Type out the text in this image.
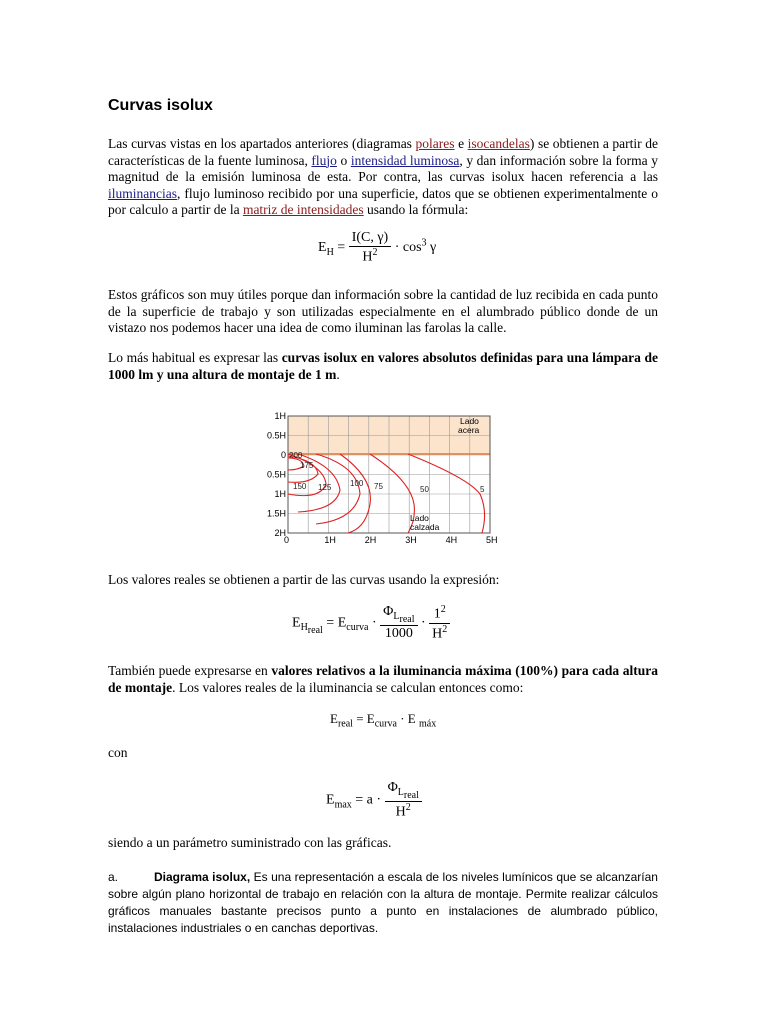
Curvas isolux

Las curvas vistas en los apartados anteriores (diagramas polares e isocandelas) se obtienen a partir de características de la fuente luminosa, flujo o intensidad luminosa, y dan información sobre la forma y magnitud de la emisión luminosa de esta. Por contra, las curvas isolux hacen referencia a las iluminancias, flujo luminoso recibido por una superficie, datos que se obtienen experimentalmente o por calculo a partir de la matriz de intensidades usando la fórmula:

$E_H = \frac{I(C, \gamma)}{H^2} \cdot \cos^3 \gamma$

Estos gráficos son muy útiles porque dan información sobre la cantidad de luz recibida en cada punto de la superficie de trabajo y son utilizadas especialmente en el alumbrado público donde de un vistazo nos podemos hacer una idea de como iluminan las farolas la calle.

Lo más habitual es expresar las curvas isolux en valores absolutos definidas para una lámpara de 1000 lm y una altura de montaje de 1 m.

0	1H	2H	3H	4H	5H
1H
0.5H
0
0.5H
1H
1.5H
2H
200
175
150 125 100 75	50	5
Lado
acera
Lado
calzada

Los valores reales se obtienen a partir de las curvas usando la expresión:

$E_{H_{real}} = E_{curva} \cdot \frac{\Phi_{L_{real}}}{1000} \cdot \frac{1^2}{H^2}$

También puede expresarse en valores relativos a la iluminancia máxima (100%) para cada altura de montaje. Los valores reales de la iluminancia se calculan entonces como:

$E_{real} = E_{curva} \cdot E$ $_{máx}$

con

$E_{max} = a \cdot \frac{\Phi_{L_{real}}}{H^2}$

siendo a un parámetro suministrado con las gráficas.

a.	Diagrama isolux, Es una representación a escala de los niveles lumínicos que se alcanzarían sobre algún plano horizontal de trabajo en relación con la altura de montaje. Permite realizar cálculos gráficos manuales bastante precisos punto a punto en instalaciones de alumbrado público, instalaciones industriales o en canchas deportivas.
